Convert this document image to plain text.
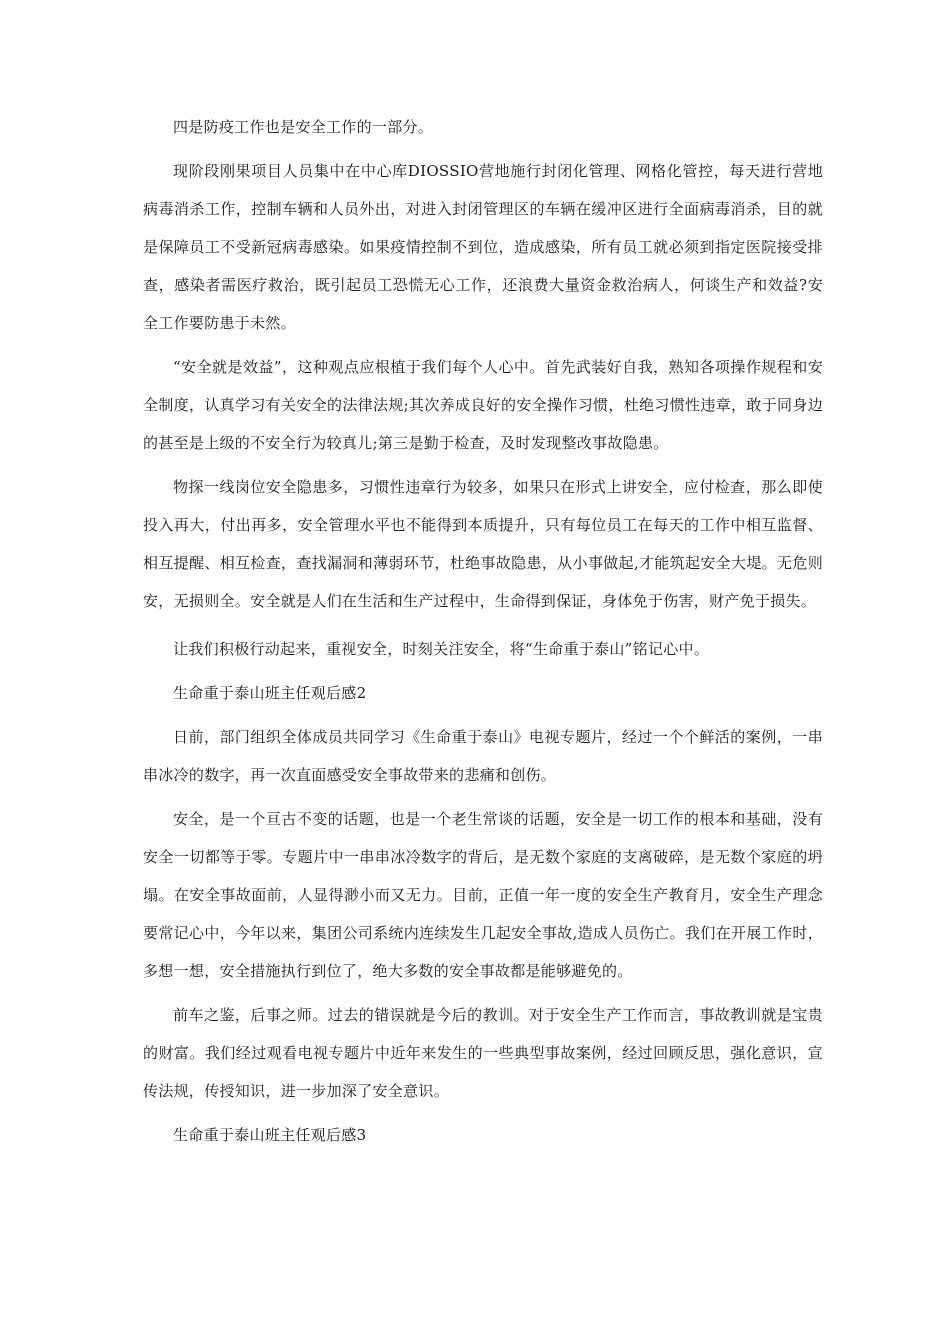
四是防疫工作也是安全工作的一部分。

现阶段刚果项目人员集中在中心库DIOSSIO营地施行封闭化管理、网格化管控，每天进行营地病毒消杀工作，控制车辆和人员外出，对进入封闭管理区的车辆在缓冲区进行全面病毒消杀，目的就是保障员工不受新冠病毒感染。如果疫情控制不到位，造成感染，所有员工就必须到指定医院接受排查，感染者需医疗救治，既引起员工恐慌无心工作，还浪费大量资金救治病人，何谈生产和效益?安全工作要防患于未然。

“安全就是效益”，这种观点应根植于我们每个人心中。首先武装好自我，熟知各项操作规程和安全制度，认真学习有关安全的法律法规;其次养成良好的安全操作习惯，杜绝习惯性违章，敢于同身边的甚至是上级的不安全行为较真儿;第三是勤于检查，及时发现整改事故隐患。

物探一线岗位安全隐患多，习惯性违章行为较多，如果只在形式上讲安全，应付检查，那么即使投入再大，付出再多，安全管理水平也不能得到本质提升，只有每位员工在每天的工作中相互监督、相互提醒、相互检查，查找漏洞和薄弱环节，杜绝事故隐患，从小事做起,才能筑起安全大堤。无危则安，无损则全。安全就是人们在生活和生产过程中，生命得到保证，身体免于伤害，财产免于损失。

让我们积极行动起来，重视安全，时刻关注安全，将“生命重于泰山”铭记心中。

生命重于泰山班主任观后感2

日前，部门组织全体成员共同学习《生命重于泰山》电视专题片，经过一个个鲜活的案例，一串串冰冷的数字，再一次直面感受安全事故带来的悲痛和创伤。

安全，是一个亘古不变的话题，也是一个老生常谈的话题，安全是一切工作的根本和基础，没有安全一切都等于零。专题片中一串串冰冷数字的背后，是无数个家庭的支离破碎，是无数个家庭的坍塌。在安全事故面前，人显得渺小而又无力。目前，正值一年一度的安全生产教育月，安全生产理念要常记心中，今年以来，集团公司系统内连续发生几起安全事故,造成人员伤亡。我们在开展工作时，多想一想，安全措施执行到位了，绝大多数的安全事故都是能够避免的。

前车之鉴，后事之师。过去的错误就是今后的教训。对于安全生产工作而言，事故教训就是宝贵的财富。我们经过观看电视专题片中近年来发生的一些典型事故案例，经过回顾反思，强化意识，宣传法规，传授知识，进一步加深了安全意识。

生命重于泰山班主任观后感3
